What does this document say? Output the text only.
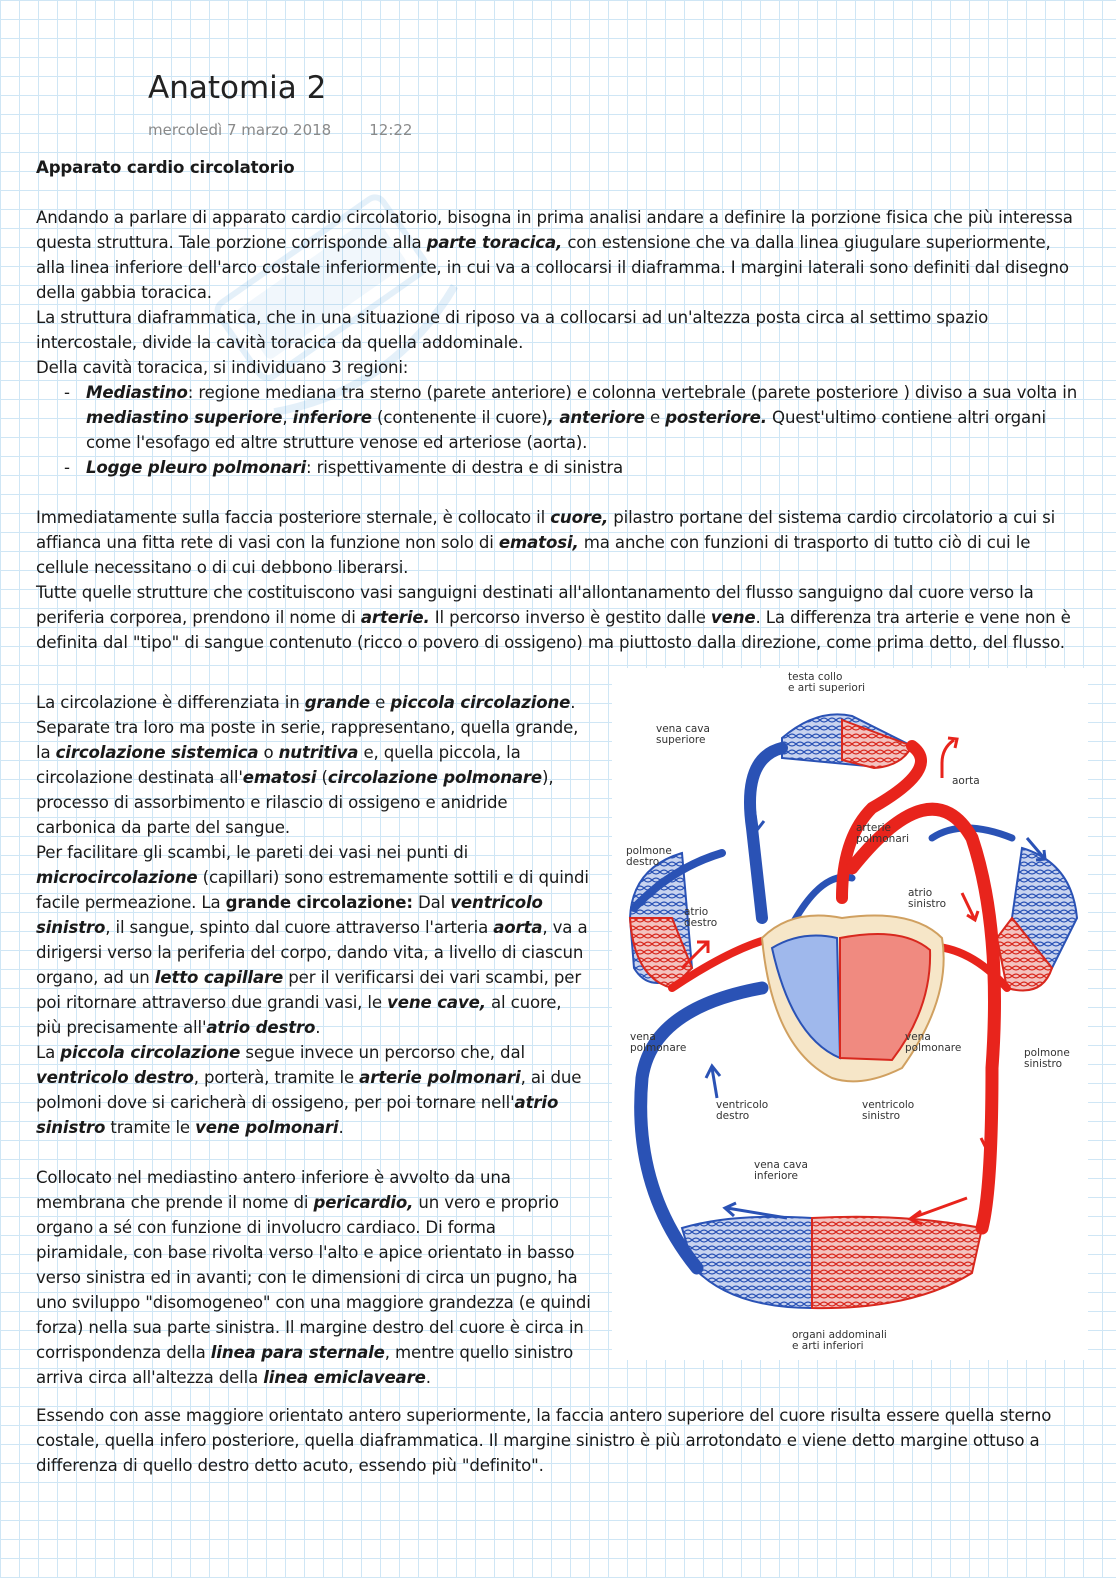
Anatomia 2
mercoledì 7 marzo 2018	12:22
Apparato cardio circolatorio

Andando a parlare di apparato cardio circolatorio, bisogna in prima analisi andare a definire la porzione fisica che più interessa questa struttura. Tale porzione corrisponde alla parte toracica, con estensione che va dalla linea giugulare superiormente, alla linea inferiore dell'arco costale inferiormente, in cui va a collocarsi il diaframma. I margini laterali sono definiti dal disegno della gabbia toracica.

La struttura diaframmatica, che in una situazione di riposo va a collocarsi ad un'altezza posta circa al settimo spazio intercostale, divide la cavità toracica da quella addominale.

Della cavità toracica, si individuano 3 regioni:

- Mediastino: regione mediana tra sterno (parete anteriore) e colonna vertebrale (parete posteriore ) diviso a sua volta in mediastino superiore, inferiore (contenente il cuore), anteriore e posteriore. Quest'ultimo contiene altri organi come l'esofago ed altre strutture venose ed arteriose (aorta).
- Logge pleuro polmonari: rispettivamente di destra e di sinistra

Immediatamente sulla faccia posteriore sternale, è collocato il cuore, pilastro portane del sistema cardio circolatorio a cui si affianca una fitta rete di vasi con la funzione non solo di ematosi, ma anche con funzioni di trasporto di tutto ciò di cui le cellule necessitano o di cui debbono liberarsi.

Tutte quelle strutture che costituiscono vasi sanguigni destinati all'allontanamento del flusso sanguigno dal cuore verso la periferia corporea, prendono il nome di arterie. Il percorso inverso è gestito dalle vene. La differenza tra arterie e vene non è definita dal "tipo" di sangue contenuto (ricco o povero di ossigeno) ma piuttosto dalla direzione, come prima detto, del flusso.

La circolazione è differenziata in grande e piccola circolazione. Separate tra loro ma poste in serie, rappresentano, quella grande, la circolazione sistemica o nutritiva e, quella piccola, la circolazione destinata all'ematosi (circolazione polmonare), processo di assorbimento e rilascio di ossigeno e anidride carbonica da parte del sangue.

Per facilitare gli scambi, le pareti dei vasi nei punti di microcircolazione (capillari) sono estremamente sottili e di quindi facile permeazione. La grande circolazione: Dal ventricolo sinistro, il sangue, spinto dal cuore attraverso l'arteria aorta, va a dirigersi verso la periferia del corpo, dando vita, a livello di ciascun organo, ad un letto capillare per il verificarsi dei vari scambi, per poi ritornare attraverso due grandi vasi, le vene cave, al cuore, più precisamente all'atrio destro.

La piccola circolazione segue invece un percorso che, dal ventricolo destro, porterà, tramite le arterie polmonari, ai due polmoni dove si caricherà di ossigeno, per poi tornare nell'atrio sinistro tramite le vene polmonari.

Collocato nel mediastino antero inferiore è avvolto da una membrana che prende il nome di pericardio, un vero e proprio organo a sé con funzione di involucro cardiaco. Di forma piramidale, con base rivolta verso l'alto e apice orientato in basso verso sinistra ed in avanti; con le dimensioni di circa un pugno, ha uno sviluppo "disomogeneo" con una maggiore grandezza (e quindi forza) nella sua parte sinistra. Il margine destro del cuore è circa in corrispondenza della linea para sternale, mentre quello sinistro arriva circa all'altezza della linea emiclaveare.

testa collo
e arti superiori
vena cava
superiore
aorta
arterie
polmonari
polmone
destro
atrio
sinistro
atrio
destro
vena
polmonare
vena
polmonare	polmone
sinistro
ventricolo
destro
ventricolo
sinistro
vena cava
inferiore
organi addominali
e arti inferiori
Essendo con asse maggiore orientato antero superiormente, la faccia antero superiore del cuore risulta essere quella sterno costale, quella infero posteriore, quella diaframmatica. Il margine sinistro è più arrotondato e viene detto margine ottuso a differenza di quello destro detto acuto, essendo più "definito".
